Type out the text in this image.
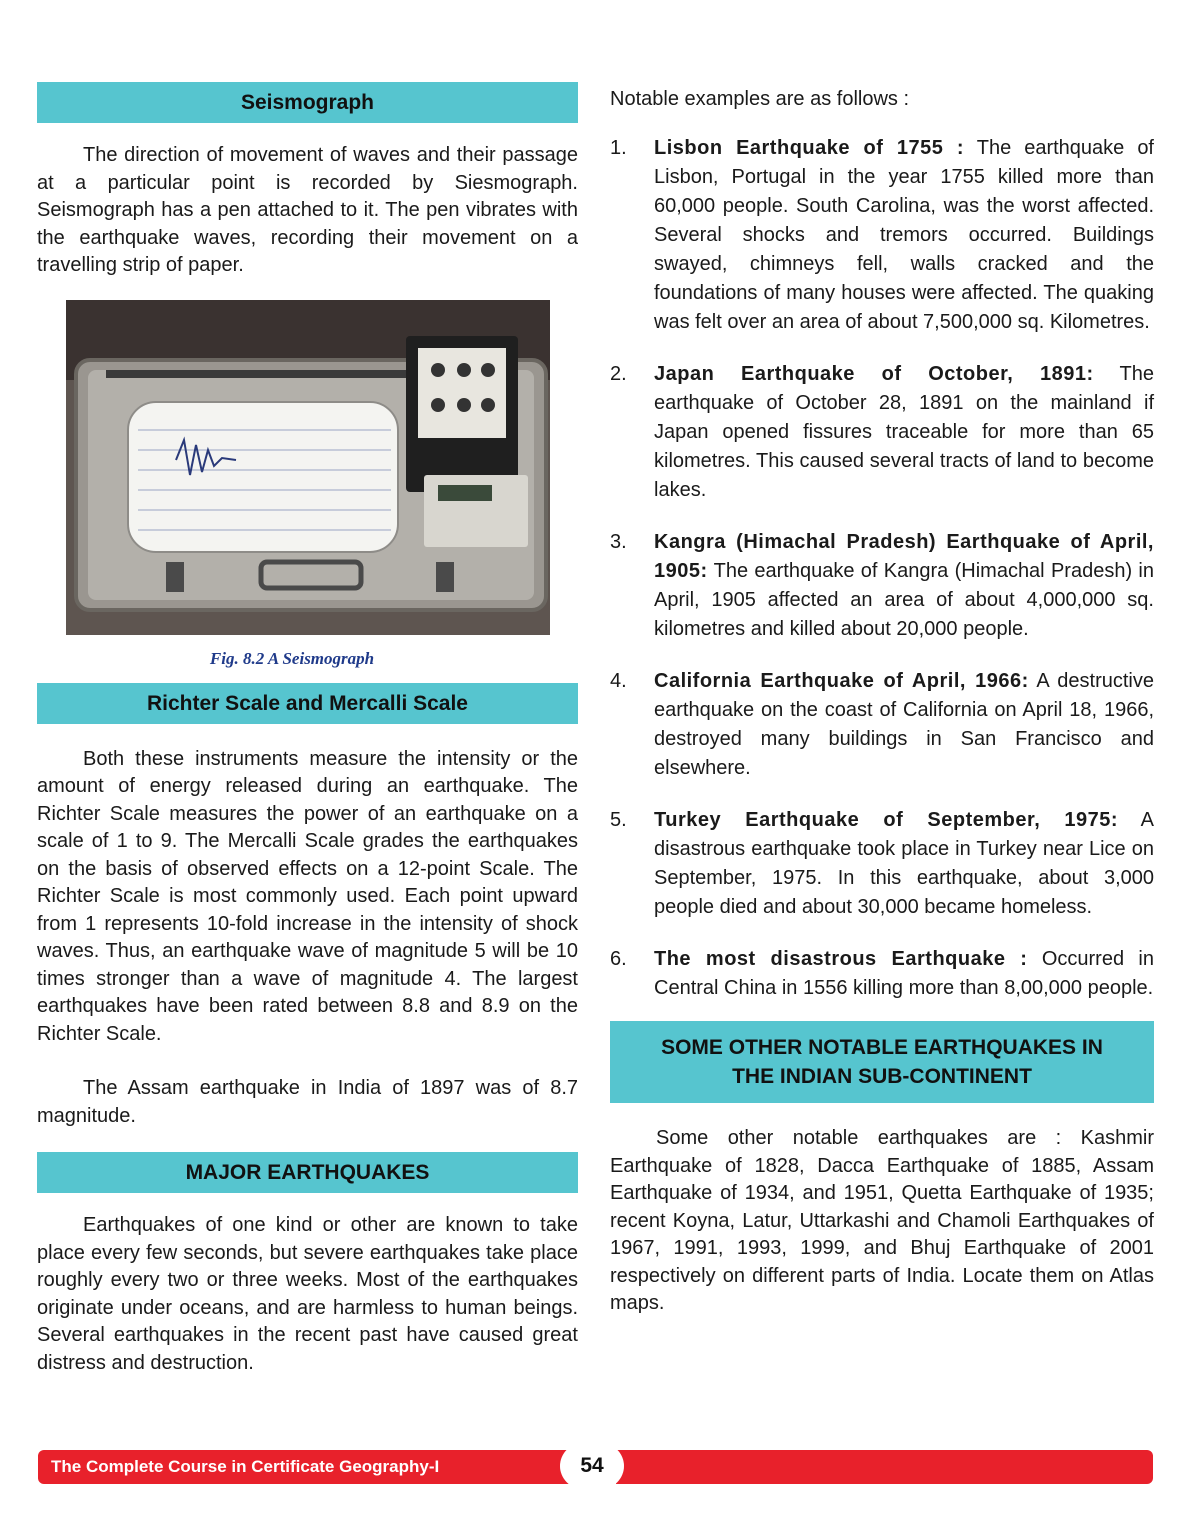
Seismograph

The direction of movement of waves and their passage at a particular point is recorded by Siesmograph. Seismograph has a pen attached to it. The pen vibrates with the earthquake waves, recording their movement on a travelling strip of paper.

Fig. 8.2 A Seismograph
Richter Scale and Mercalli Scale

Both these instruments measure the intensity or the amount of energy released during an earthquake. The Richter Scale measures the power of an earthquake on a scale of 1 to 9. The Mercalli Scale grades the earthquakes on the basis of observed effects on a 12-point Scale. The Richter Scale is most commonly used. Each point upward from 1 represents 10-fold increase in the intensity of shock waves. Thus, an earthquake wave of magnitude 5 will be 10 times stronger than a wave of magnitude 4. The largest earthquakes have been rated between 8.8 and 8.9 on the Richter Scale.

The Assam earthquake in India of 1897 was of 8.7 magnitude.

MAJOR EARTHQUAKES

Earthquakes of one kind or other are known to take place every few seconds, but severe earthquakes take place roughly every two or three weeks. Most of the earthquakes originate under oceans, and are harmless to human beings. Several earthquakes in the recent past have caused great distress and destruction.

Notable examples are as follows :

1. Lisbon Earthquake of 1755 : The earthquake of Lisbon, Portugal in the year 1755 killed more than 60,000 people. South Carolina, was the worst affected. Several shocks and tremors occurred. Buildings swayed, chimneys fell, walls cracked and the foundations of many houses were affected. The quaking was felt over an area of about 7,500,000 sq. Kilometres.

2. Japan Earthquake of October, 1891: The earthquake of October 28, 1891 on the mainland if Japan opened fissures traceable for more than 65 kilometres. This caused several tracts of land to become lakes.

3. Kangra (Himachal Pradesh) Earthquake of April, 1905: The earthquake of Kangra (Himachal Pradesh) in April, 1905 affected an area of about 4,000,000 sq. kilometres and killed about 20,000 people.

4. California Earthquake of April, 1966: A destructive earthquake on the coast of California on April 18, 1966, destroyed many buildings in San Francisco and elsewhere.

5. Turkey Earthquake of September, 1975: A disastrous earthquake took place in Turkey near Lice on September, 1975. In this earthquake, about 3,000 people died and about 30,000 became homeless.

6. The most disastrous Earthquake : Occurred in Central China in 1556 killing more than 8,00,000 people.

SOME OTHER NOTABLE EARTHQUAKES IN THE INDIAN SUB-CONTINENT

Some other notable earthquakes are : Kashmir Earthquake of 1828, Dacca Earthquake of 1885, Assam Earthquake of 1934, and 1951, Quetta Earthquake of 1935; recent Koyna, Latur, Uttarkashi and Chamoli Earthquakes of 1967, 1991, 1993, 1999, and Bhuj Earthquake of 2001 respectively on different parts of India. Locate them on Atlas maps.

The Complete Course in Certificate Geography-I	54
